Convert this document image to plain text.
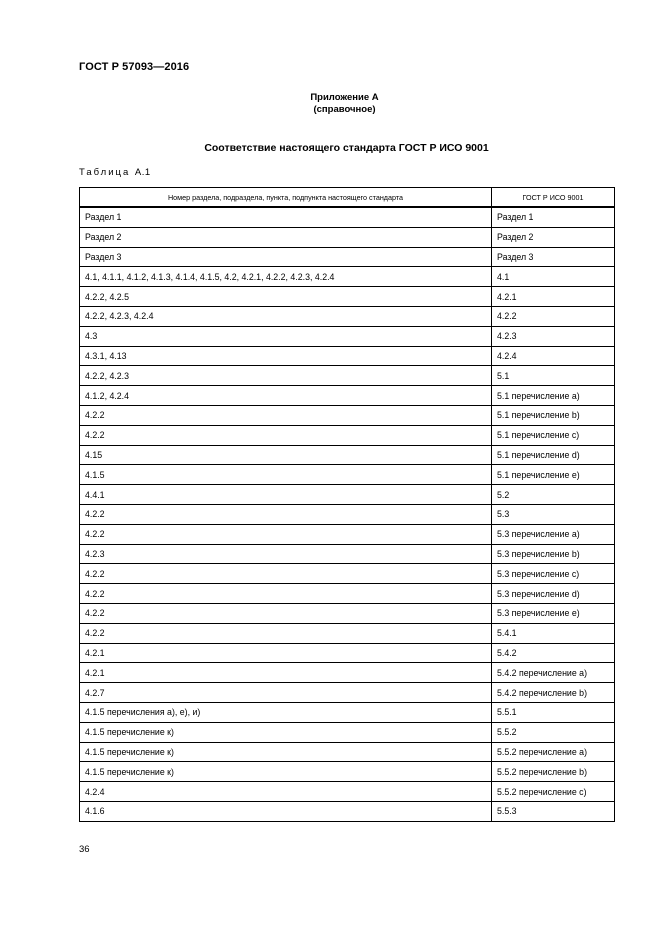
ГОСТ Р 57093—2016
Приложение А
(справочное)
Соответствие настоящего стандарта ГОСТ Р ИСО 9001
Таблица А.1
Номер раздела, подраздела, пункта, подпункта настоящего стандарта	ГОСТ Р ИСО 9001
Раздел 1	Раздел 1
Раздел 2	Раздел 2
Раздел 3	Раздел 3
4.1, 4.1.1, 4.1.2, 4.1.3, 4.1.4, 4.1.5, 4.2, 4.2.1, 4.2.2, 4.2.3, 4.2.4	4.1
4.2.2, 4.2.5	4.2.1
4.2.2, 4.2.3, 4.2.4	4.2.2
4.3	4.2.3
4.3.1, 4.13	4.2.4
4.2.2, 4.2.3	5.1
4.1.2, 4.2.4	5.1 перечисление а)
4.2.2	5.1 перечисление b)
4.2.2	5.1 перечисление c)
4.15	5.1 перечисление d)
4.1.5	5.1 перечисление e)
4.4.1	5.2
4.2.2	5.3
4.2.2	5.3 перечисление а)
4.2.3	5.3 перечисление b)
4.2.2	5.3 перечисление c)
4.2.2	5.3 перечисление d)
4.2.2	5.3 перечисление e)
4.2.2	5.4.1
4.2.1	5.4.2
4.2.1	5.4.2 перечисление а)
4.2.7	5.4.2 перечисление b)
4.1.5 перечисления а), е), и)	5.5.1
4.1.5 перечисление к)	5.5.2
4.1.5 перечисление к)	5.5.2 перечисление а)
4.1.5 перечисление к)	5.5.2 перечисление b)
4.2.4	5.5.2 перечисление c)
4.1.6	5.5.3
36
